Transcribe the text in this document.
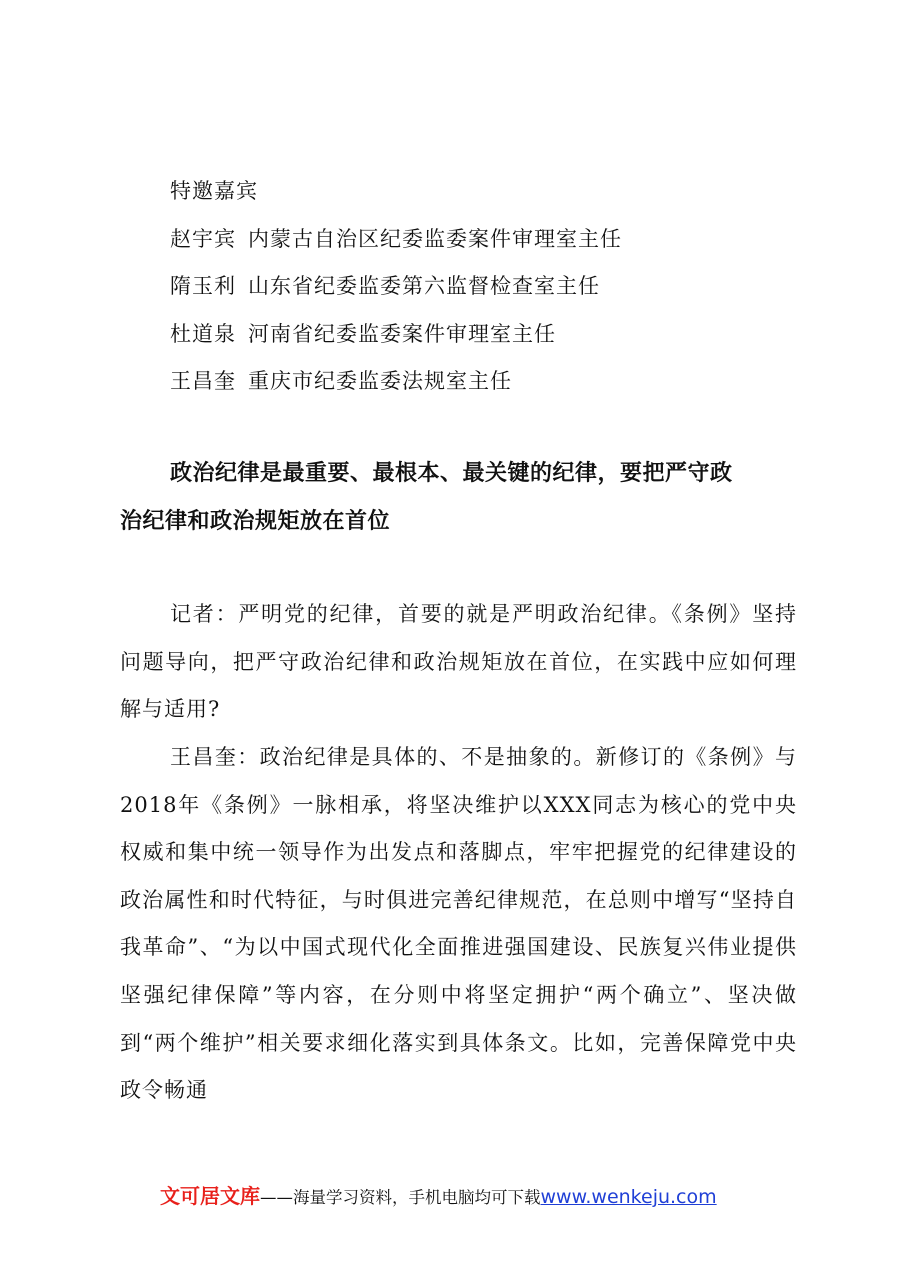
特邀嘉宾
赵宇宾 内蒙古自治区纪委监委案件审理室主任
隋玉利 山东省纪委监委第六监督检查室主任
杜道泉 河南省纪委监委案件审理室主任
王昌奎 重庆市纪委监委法规室主任
政治纪律是最重要、最根本、最关键的纪律，要把严守政
治纪律和政治规矩放在首位

记者：严明党的纪律，首要的就是严明政治纪律。《条例》坚持问题导向，把严守政治纪律和政治规矩放在首位，在实践中应如何理解与适用?

王昌奎：政治纪律是具体的、不是抽象的。新修订的《条例》与2018年《条例》一脉相承，将坚决维护以XXX同志为核心的党中央权威和集中统一领导作为出发点和落脚点，牢牢把握党的纪律建设的政治属性和时代特征，与时俱进完善纪律规范，在总则中增写“坚持自我革命”、“为以中国式现代化全面推进强国建设、民族复兴伟业提供坚强纪律保障”等内容，在分则中将坚定拥护“两个确立”、坚决做到“两个维护”相关要求细化落实到具体条文。比如，完善保障党中央政令畅通

文可居文库——海量学习资料，手机电脑均可下载www.wenkeju.com
